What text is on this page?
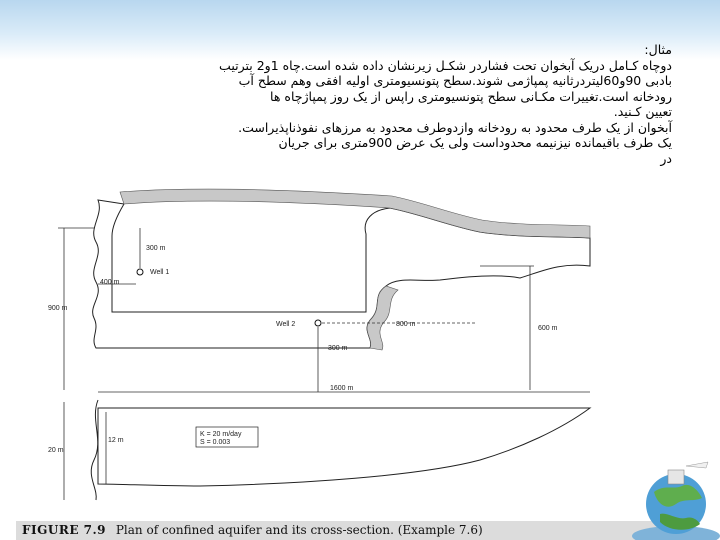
مثال:

دوچاه کـامل دریک آبخوان تحت فشاردر شکـل زیرنشان داده شده است.چاه 1و2 بترتیب

بادبی 90و60لیتردرثانیه پمپاژمی شوند.سطح پتونسیومتری اولیه افقی وهم سطح آب

رودخانه است.تغییرات مکـانی سطح پتونسیومتری راپس از یک روز پمپاژچاه ها

تعیین کـنید.

آبخوان از یک طرف محدود به رودخانه وازدوطرف محدود به مرزهای نفوذناپذیراست.

یک طرف باقیمانده نیزنیمه محدوداست ولی یک عرض 900متری برای جریان

در

900 m
300 m
Well 1
400 m
Well 2	800 m
300 m
600 m
1600 m
20 m
12 m
K = 20 m/day
S = 0.003
FIGURE 7.9 Plan of confined aquifer and its cross-section. (Example 7.6)
